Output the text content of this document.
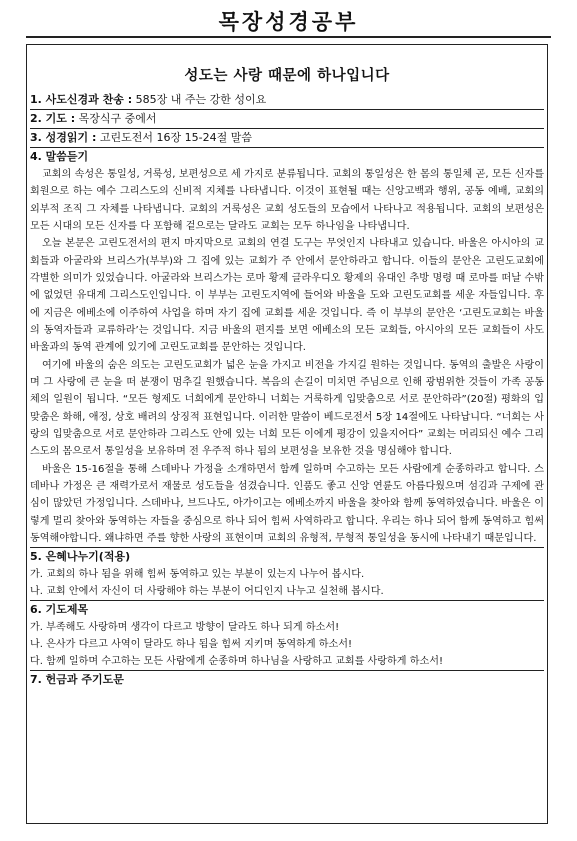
목장성경공부
성도는 사랑 때문에 하나입니다
1. 사도신경과 찬송 : 585장 내 주는 강한 성이요
2. 기도 : 목장식구 중에서
3. 성경읽기 : 고린도전서 16장 15-24절 말씀
4. 말씀듣기
교회의 속성은 통일성, 거룩성, 보편성으로 세 가지로 분류됩니다. 교회의 통일성은 한 몸의 통일체 곧, 모든 신자를 회원으로 하는 예수 그리스도의 신비적 지체를 나타냅니다. 이것이 표현될 때는 신앙고백과 행위, 공동 예배, 교회의 외부적 조직 그 자체를 나타냅니다. 교회의 거룩성은 교회 성도들의 모습에서 나타나고 적용됩니다. 교회의 보편성은 모든 시대의 모든 신자를 다 포함해 겉으로는 달라도 교회는 모두 하나임을 나타냅니다.
오늘 본문은 고린도전서의 편지 마지막으로 교회의 연결 도구는 무엇인지 나타내고 있습니다. 바울은 아시아의 교회들과 아굴라와 브리스가(부부)와 그 집에 있는 교회가 주 안에서 문안하라고 합니다. 이들의 문안은 고린도교회에 각별한 의미가 있었습니다. 아굴라와 브리스가는 로마 황제 글라우디오 황제의 유대인 추방 명령 때 로마를 떠날 수밖에 없었던 유대계 그리스도인입니다. 이 부부는 고린도지역에 들어와 바울을 도와 고린도교회를 세운 자들입니다. 후에 지금은 에베소에 이주하여 사업을 하며 자기 집에 교회를 세운 것입니다. 즉 이 부부의 문안은 ‘고린도교회는 바울의 동역자들과 교류하라’는 것입니다. 지금 바울의 편지를 보면 에베소의 모든 교회들, 아시아의 모든 교회들이 사도 바울과의 동역 관계에 있기에 고린도교회를 문안하는 것입니다.
여기에 바울의 숨은 의도는 고린도교회가 넓은 눈을 가지고 비전을 가지길 원하는 것입니다. 동역의 출발은 사랑이며 그 사랑에 큰 눈을 떠 분쟁이 멈추길 원했습니다. 복음의 손길이 미치면 주님으로 인해 광범위한 것들이 가족 공동체의 일원이 됩니다. “모든 형제도 너희에게 문안하니 너희는 거룩하게 입맞춤으로 서로 문안하라”(20절) 평화의 입맞춤은 화해, 애정, 상호 배려의 상징적 표현입니다. 이러한 말씀이 베드로전서 5장 14절에도 나타납니다. “너희는 사랑의 입맞춤으로 서로 문안하라 그리스도 안에 있는 너희 모든 이에게 평강이 있을지어다” 교회는 머리되신 예수 그리스도의 몸으로서 통일성을 보유하며 전 우주적 하나 됨의 보편성을 보유한 것을 명심해야 합니다.
바울은 15-16절을 통해 스데바나 가정을 소개하면서 함께 일하며 수고하는 모든 사람에게 순종하라고 합니다. 스데바나 가정은 큰 재력가로서 재물로 성도들을 섬겼습니다. 인품도 좋고 신앙 연륜도 아름다웠으며 섬김과 구제에 관심이 많았던 가정입니다. 스데바나, 브드나도, 아가이고는 에베소까지 바울을 찾아와 함께 동역하였습니다. 바울은 이렇게 멀리 찾아와 동역하는 자들을 중심으로 하나 되어 힘써 사역하라고 합니다. 우리는 하나 되어 함께 동역하고 힘써 동역해야합니다. 왜냐하면 주를 향한 사랑의 표현이며 교회의 유형적, 무형적 통일성을 동시에 나타내기 때문입니다.
5. 은혜나누기(적용)
가. 교회의 하나 됨을 위해 힘써 동역하고 있는 부분이 있는지 나누어 봅시다.
나. 교회 안에서 자신이 더 사랑해야 하는 부분이 어디인지 나누고 실천해 봅시다.
6. 기도제목
가. 부족해도 사랑하며 생각이 다르고 방향이 달라도 하나 되게 하소서!
나. 은사가 다르고 사역이 달라도 하나 됨을 힘써 지키며 동역하게 하소서!
다. 함께 일하며 수고하는 모든 사람에게 순종하며 하나님을 사랑하고 교회를 사랑하게 하소서!
7. 헌금과 주기도문
